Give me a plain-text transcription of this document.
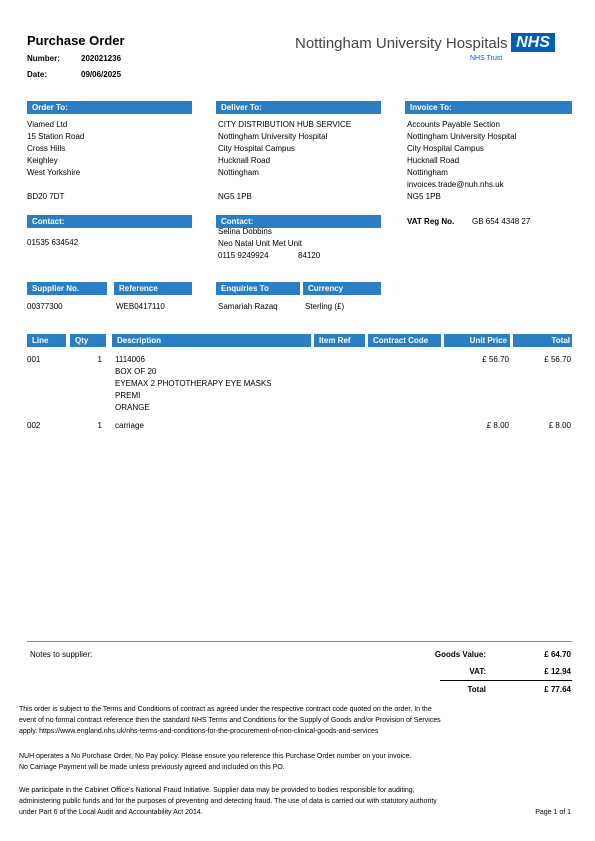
Purchase Order
Number:	202021236
Date:	09/06/2025
Nottingham University Hospitals NHS
NHS Trust
Order To:
Viamed Ltd
15 Station Road
Cross Hills
Keighley
West Yorkshire
BD20 7DT
Contact:
01535 634542
Deliver To:
CITY DISTRIBUTION HUB SERVICE
Nottingham University Hospital
City Hospital Campus
Hucknall Road
Nottingham
NG5 1PB
Contact:
Selina Dobbins
Neo Natal Unit Met Unit
0115 9249924	84120
Invoice To:
Accounts Payable Section
Nottingham University Hospital
City Hospital Campus
Hucknall Road
Nottingham
invoices.trade@nuh.nhs.uk
NG5 1PB
VAT Reg No. GB 654 4348 27
Supplier No.	Reference	Enquiries To	Currency
00377300	WEB0417110	Samariah Razaq	Sterling (£)
Line	Qty	Description	Item Ref	Contract Code	Unit Price	Total
001	1 1114006
BOX OF 20
EYEMAX 2 PHOTOTHERAPY EYE MASKS
PREMI
ORANGE
£ 56.70	£ 56.70
002	1 carriage	£ 8.00	£ 8.00
Notes to supplier:	Goods Value:	£ 64.70
VAT:	£ 12.94
Total	£ 77.64
This order is subject to the Terms and Conditions of contract as agreed under the respective contract code quoted on the order. In the
event of no formal contract reference then the standard NHS Terms and Conditions for the Supply of Goods and/or Provision of Services
apply. https://www.england.nhs.uk/nhs-terms-and-conditions-for-the-procurement-of-non-clinical-goods-and-services
NUH operates a No Purchase Order, No Pay policy. Please ensure you reference this Purchase Order number on your invoice.
No Carriage Payment will be made unless previously agreed and included on this PO.
We participate in the Cabinet Office's National Fraud Initiative. Supplier data may be provided to bodies responsible for auditing,
administering public funds and for the purposes of preventing and detecting fraud. The use of data is carried out with statutory authority
under Part 6 of the Local Audit and Accountability Act 2014.	Page 1 of 1
